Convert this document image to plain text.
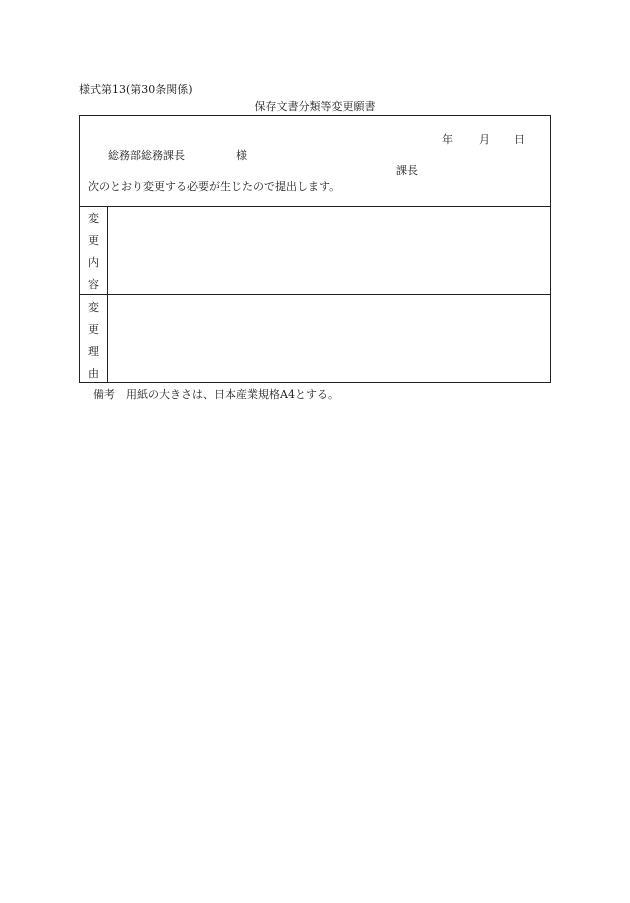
様式第13(第30条関係)
保存文書分類等変更願書
年 月 日
総務部総務課長	様
課長
次のとおり変更する必要が生じたので提出します。
変
更
内
容
変
更
理
由
備考　用紙の大きさは、日本産業規格A4とする。
